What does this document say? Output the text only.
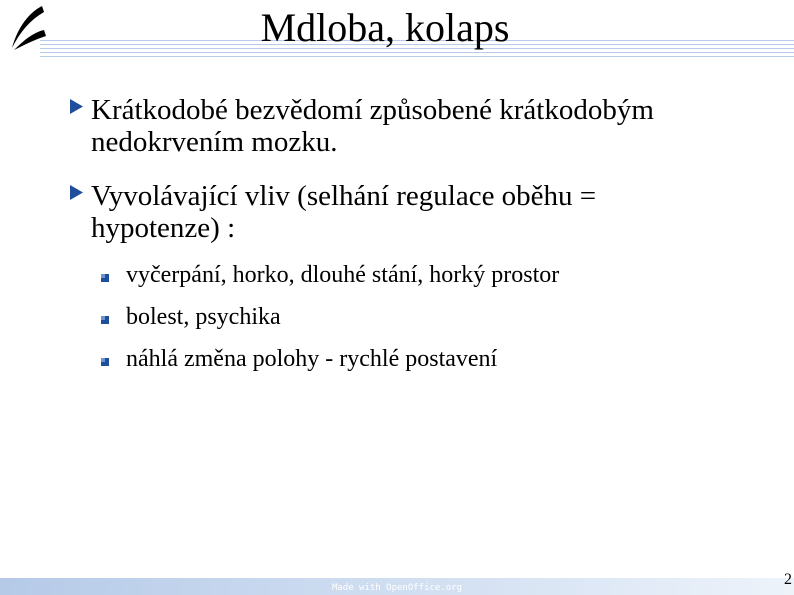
Mdloba, kolaps
Krátkodobé bezvědomí způsobené krátkodobým nedokrvením mozku.
Vyvolávající vliv (selhání regulace oběhu = hypotenze) :
vyčerpání, horko, dlouhé stání, horký prostor
bolest, psychika
náhlá změna polohy - rychlé postavení
Made with OpenOffice.org	2
